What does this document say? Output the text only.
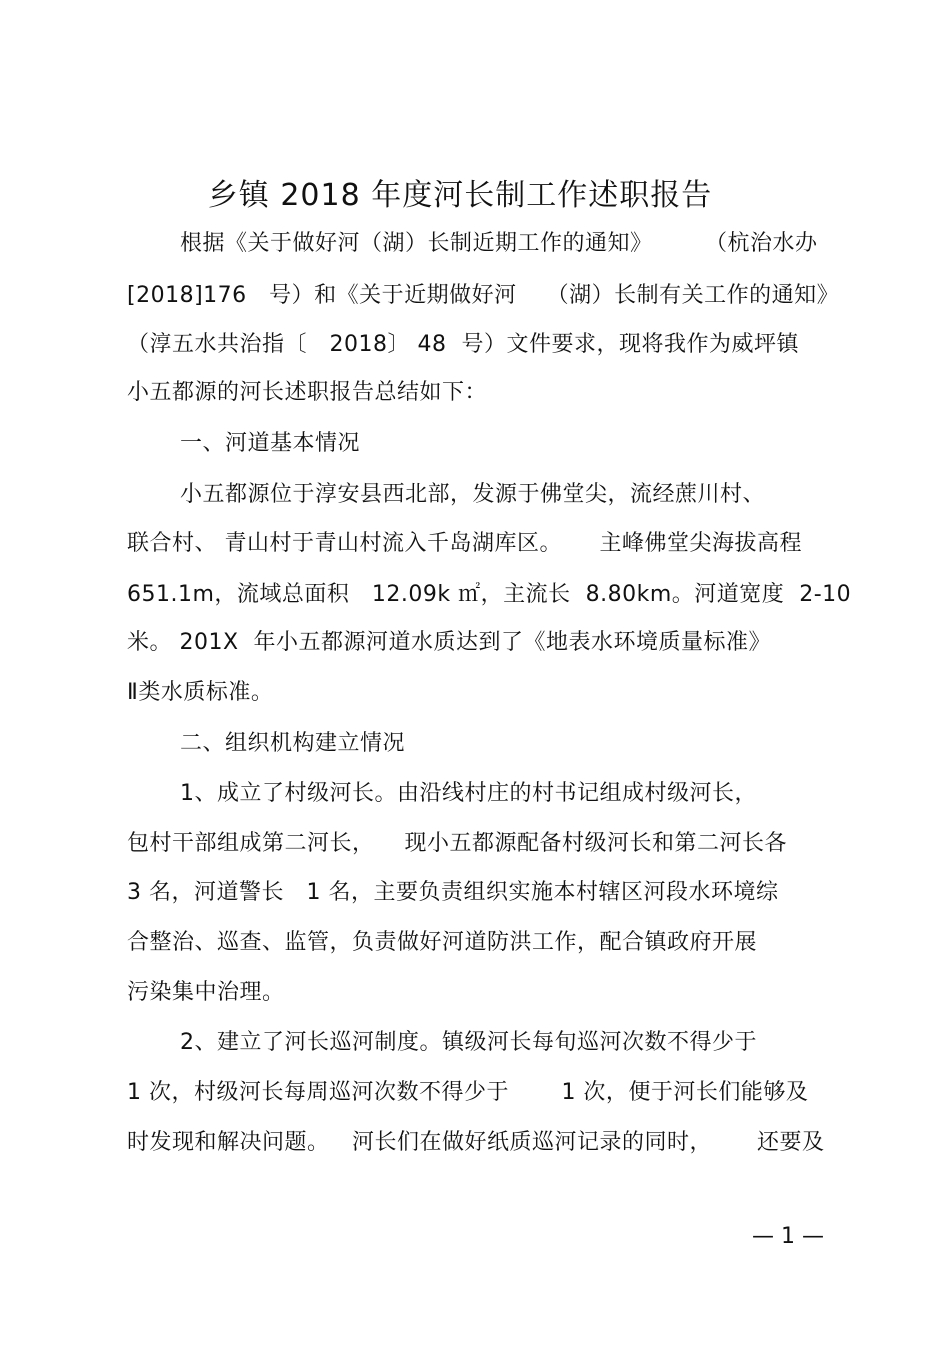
乡镇 2018 年度河长制工作述职报告
根据《关于做好河（湖）长制近期工作的通知》       （杭治水办
[2018]176   号）和《关于近期做好河    （湖）长制有关工作的通知》
（淳五水共治指〔   2018〕 48  号）文件要求，现将我作为威坪镇
小五都源的河长述职报告总结如下：
一、河道基本情况
小五都源位于淳安县西北部，发源于佛堂尖，流经蔗川村、
联合村、 青山村于青山村流入千岛湖库区。     主峰佛堂尖海拔高程
651.1m，流域总面积   12.09k ㎡，主流长  8.80km。河道宽度  2-10
米。 201X  年小五都源河道水质达到了《地表水环境质量标准》
Ⅱ类水质标准。
二、组织机构建立情况
1、成立了村级河长。由沿线村庄的村书记组成村级河长，
包村干部组成第二河长，    现小五都源配备村级河长和第二河长各
3 名，河道警长   1 名，主要负责组织实施本村辖区河段水环境综
合整治、巡查、监管，负责做好河道防洪工作，配合镇政府开展
污染集中治理。
2、建立了河长巡河制度。镇级河长每旬巡河次数不得少于
1 次，村级河长每周巡河次数不得少于       1 次，便于河长们能够及
时发现和解决问题。   河长们在做好纸质巡河记录的同时，      还要及
— 1 —
